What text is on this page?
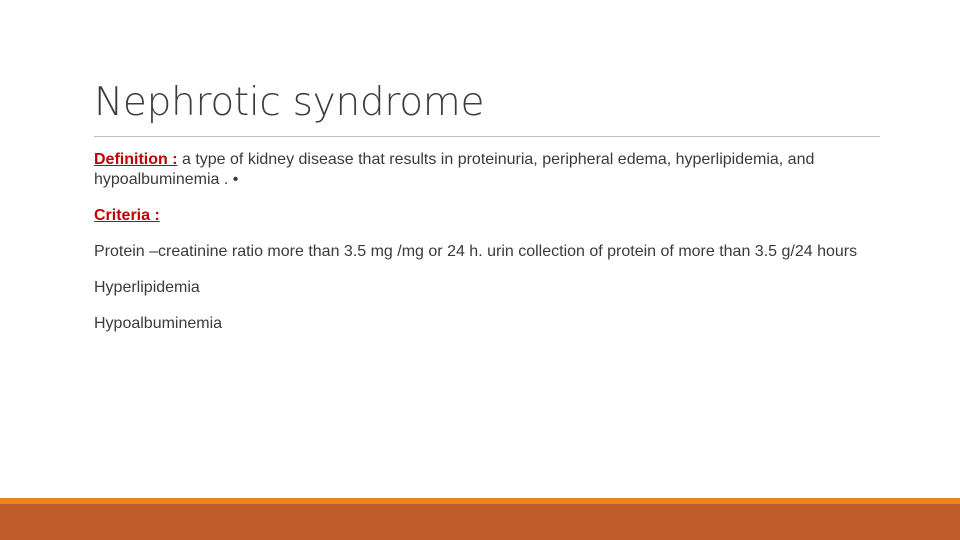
Nephrotic syndrome

Definition : a type of kidney disease that results in proteinuria, peripheral edema, hyperlipidemia, and hypoalbuminemia . •

Criteria :

Protein –creatinine ratio more than 3.5 mg /mg or 24 h. urin collection of protein of more than 3.5 g/24 hours

Hyperlipidemia

Hypoalbuminemia
